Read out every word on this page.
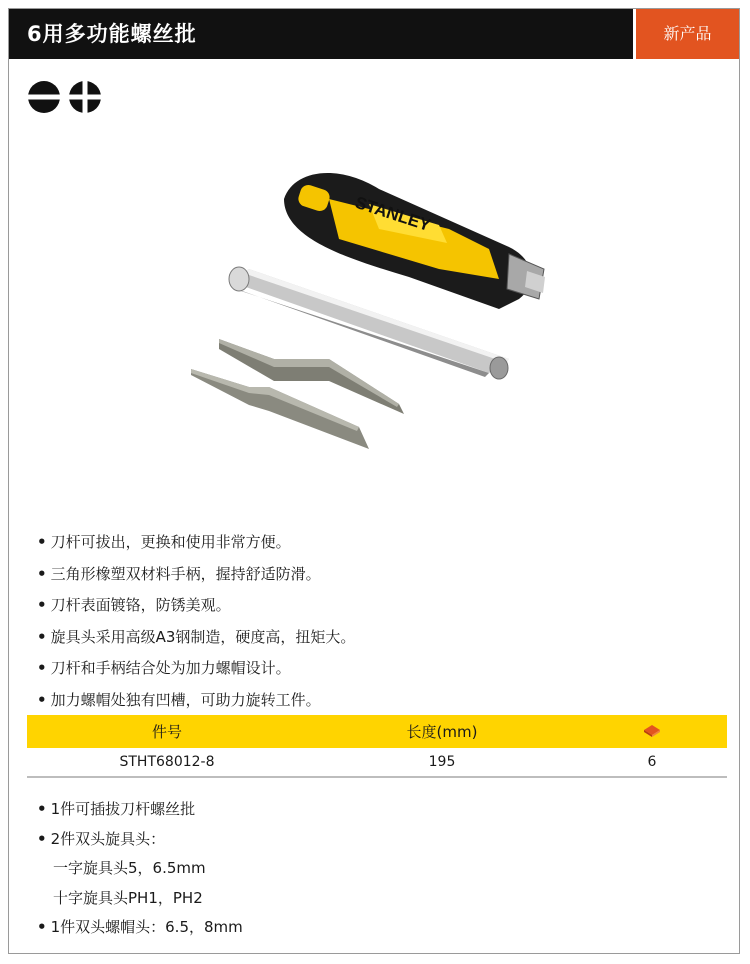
6用多功能螺丝批	新产品
STANLEY
• 刀杆可拔出，更换和使用非常方便。
• 三角形橡塑双材料手柄，握持舒适防滑。
• 刀杆表面镀铬，防锈美观。
• 旋具头采用高级A3钢制造，硬度高，扭矩大。
• 刀杆和手柄结合处为加力螺帽设计。
• 加力螺帽处独有凹槽，可助力旋转工件。
件号	长度(mm)	
STHT68012-8	195	6
• 1件可插拔刀杆螺丝批
• 2件双头旋具头：
一字旋具头5，6.5mm
十字旋具头PH1，PH2
• 1件双头螺帽头：6.5，8mm
